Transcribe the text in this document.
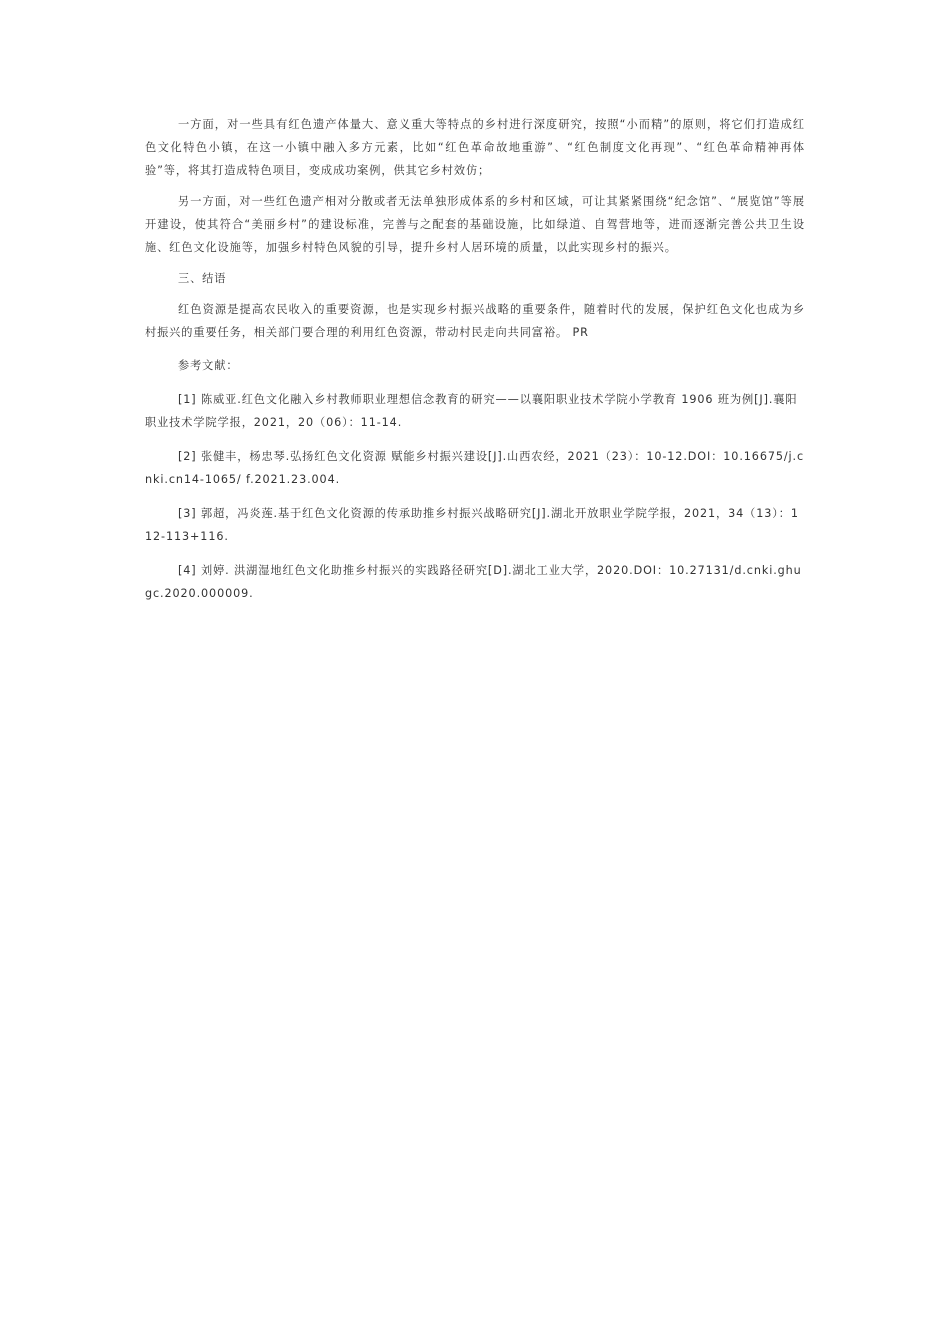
一方面，对一些具有红色遗产体量大、意义重大等特点的乡村进行深度研究，按照“小而精”的原则，将它们打造成红色文化特色小镇，在这一小镇中融入多方元素，比如“红色革命故地重游”、“红色制度文化再现”、“红色革命精神再体验”等，将其打造成特色项目，变成成功案例，供其它乡村效仿；

另一方面，对一些红色遗产相对分散或者无法单独形成体系的乡村和区域，可让其紧紧围绕“纪念馆”、“展览馆”等展开建设，使其符合“美丽乡村”的建设标准，完善与之配套的基础设施，比如绿道、自驾营地等，进而逐渐完善公共卫生设施、红色文化设施等，加强乡村特色风貌的引导，提升乡村人居环境的质量，以此实现乡村的振兴。

三、结语

红色资源是提高农民收入的重要资源，也是实现乡村振兴战略的重要条件，随着时代的发展，保护红色文化也成为乡村振兴的重要任务，相关部门要合理的利用红色资源，带动村民走向共同富裕。 PR

参考文献：

[1] 陈威亚.红色文化融入乡村教师职业理想信念教育的研究——以襄阳职业技术学院小学教育 1906 班为例[J].襄阳职业技术学院学报，2021，20（06）：11-14.

[2] 张健丰，杨忠琴.弘扬红色文化资源 赋能乡村振兴建设[J].山西农经，2021（23）：10-12.DOI：10.16675/j.cnki.cn14-1065/ f.2021.23.004.

[3] 郭超，冯炎莲.基于红色文化资源的传承助推乡村振兴战略研究[J].湖北开放职业学院学报，2021，34（13）：112-113+116.

[4] 刘婷. 洪湖湿地红色文化助推乡村振兴的实践路径研究[D].湖北工业大学，2020.DOI：10.27131/d.cnki.ghugc.2020.000009.
